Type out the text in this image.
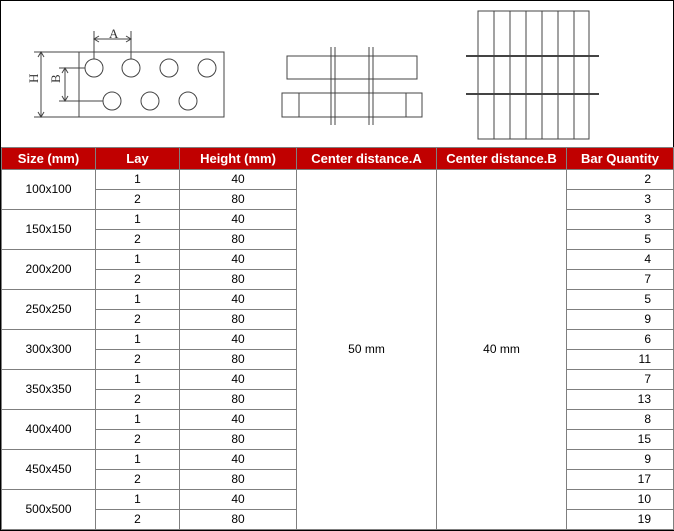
A
H B
Size (mm)	Lay	Height (mm)	Center distance.A	Center distance.B	Bar Quantity
100x100	1	40	50 mm	40 mm	2
	2	80			3
150x150	1	40			3
	2	80			5
200x200	1	40			4
	2	80			7
250x250	1	40			5
	2	80			9
300x300	1	40			6
	2	80			11
350x350	1	40			7
	2	80			13
400x400	1	40			8
	2	80			15
450x450	1	40			9
	2	80			17
500x500	1	40			10
	2	80			19
